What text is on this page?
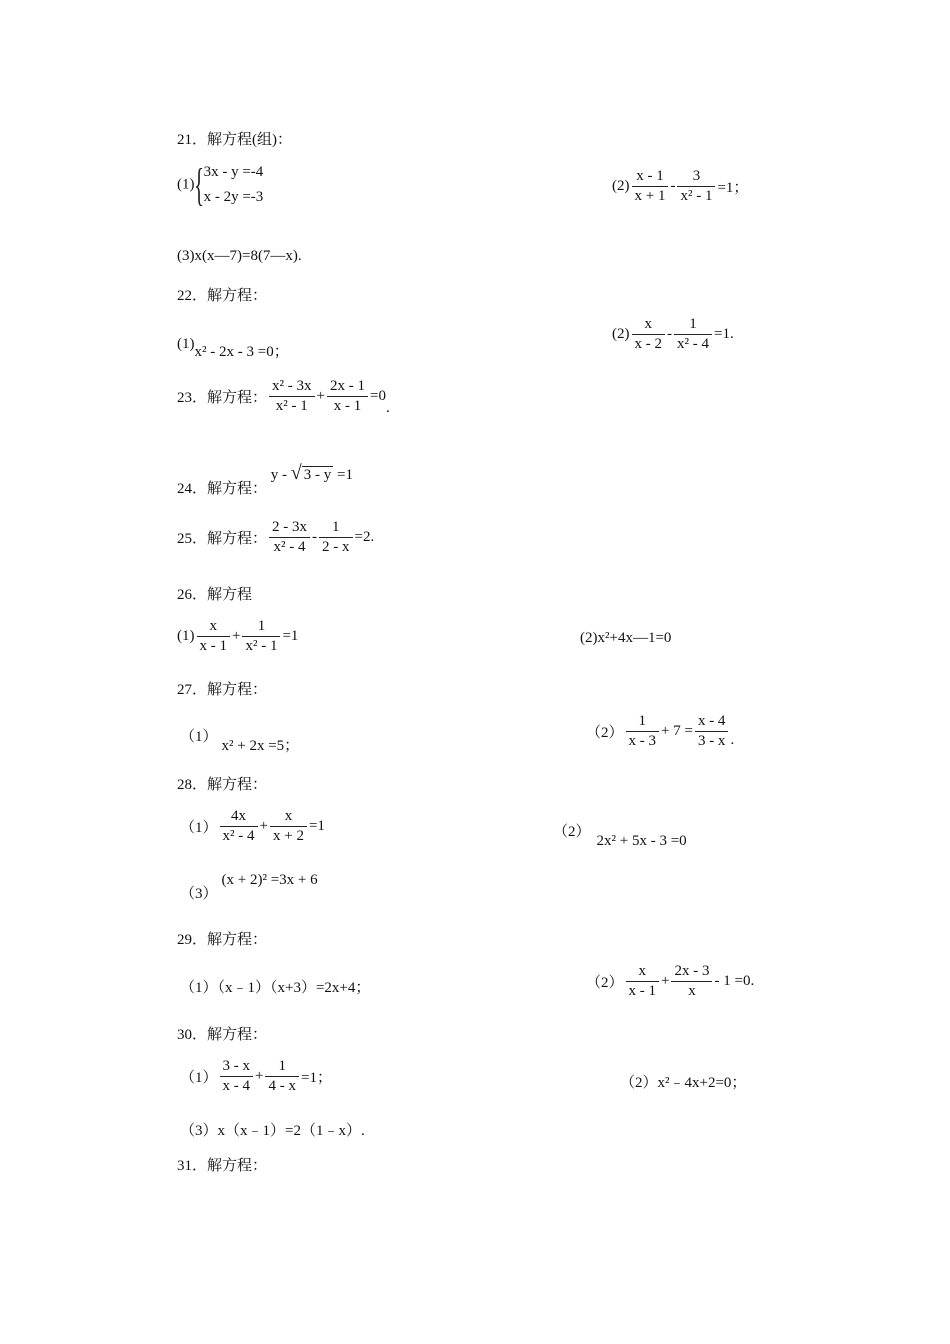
21．解方程(组)：
(1){ 3x - y =-4
x - 2y =-3
$(2) \frac{x - 1}{x + 1} - \frac{3}{\text{x² - 1}} =1$；
(3)x(x—7)=8(7—x).
22．解方程：
(1)x² - 2x - 3 =0；
$(2) \frac{x}{x - 2} - \frac{1}{\text{x² - 4}} =1$.
23．解方程： $\frac{\text{x² - 3x}}{\text{x² - 1}} + \frac{2x - 1}{x - 1} =0$.
24．解方程： y - √ 3 - y =1
25．解方程： $\frac{2 - 3x}{\text{x² - 4}} - \frac{1}{2 - x} =2$.
26．解方程
$(1) \frac{x}{x - 1} + \frac{1}{\text{x² - 1}} =1$	(2)x²+4x—1=0
27．解方程：
（1）x² + 2x =5；
$(2) \frac{1}{x - 3} + 7 = \frac{x - 4}{3 - x}$ .
28．解方程：
$(1) \frac{4x}{\text{x² - 4}} + \frac{x}{x + 2} =1$	（2）2x² + 5x - 3 =0
（3）(x + 2)² =3x + 6
29．解方程：
（1）（x﹣1）（x+3）=2x+4；	$(2) \frac{x}{x - 1} + \frac{2x - 3}{x} - 1 =0$.
30．解方程：
$(1) \frac{3 - x}{x - 4} + \frac{1}{4 - x} =1$；	（2）x²﹣4x+2=0；
（3）x（x﹣1）=2（1﹣x）.
31．解方程：
